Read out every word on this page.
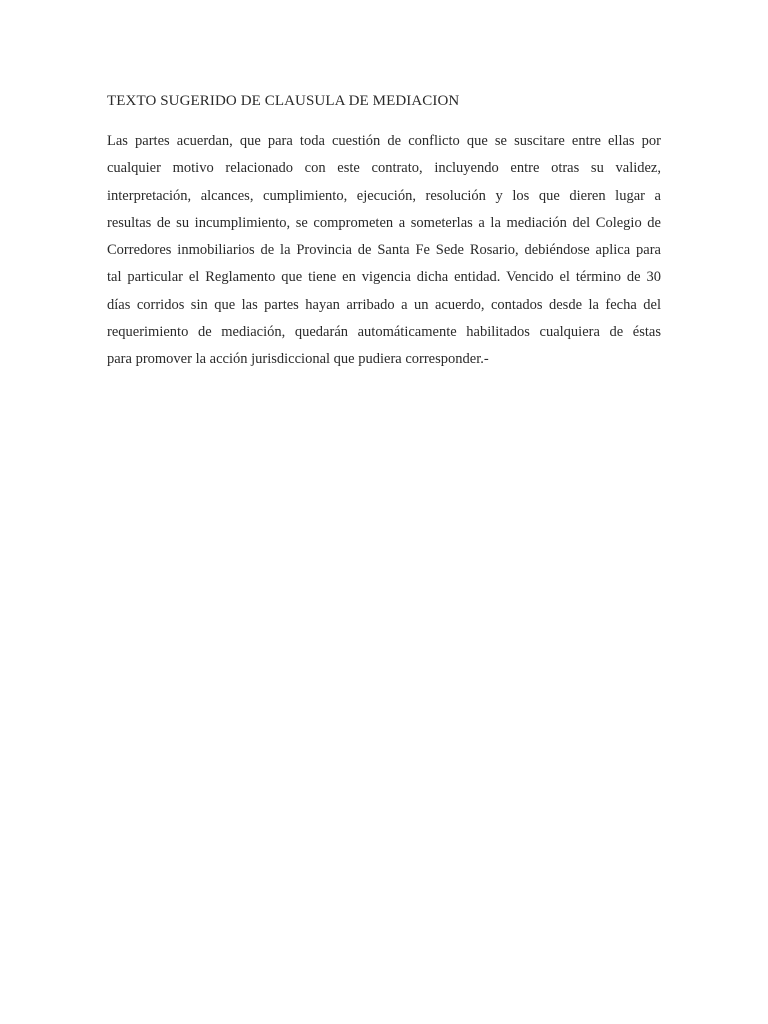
TEXTO SUGERIDO DE CLAUSULA DE MEDIACION
Las partes acuerdan, que para toda cuestión de conflicto que se suscitare entre ellas por
cualquier motivo relacionado con este contrato, incluyendo entre otras su validez,
interpretación, alcances, cumplimiento, ejecución, resolución y los que dieren lugar a
resultas de su incumplimiento, se comprometen a someterlas a la mediación del Colegio de
Corredores inmobiliarios de la Provincia de Santa Fe Sede Rosario, debiéndose aplica para
tal particular el Reglamento que tiene en vigencia dicha entidad. Vencido el término de 30
días corridos sin que las partes hayan arribado a un acuerdo, contados desde la fecha del
requerimiento de mediación, quedarán automáticamente habilitados cualquiera de éstas
para promover la acción jurisdiccional que pudiera corresponder.-
